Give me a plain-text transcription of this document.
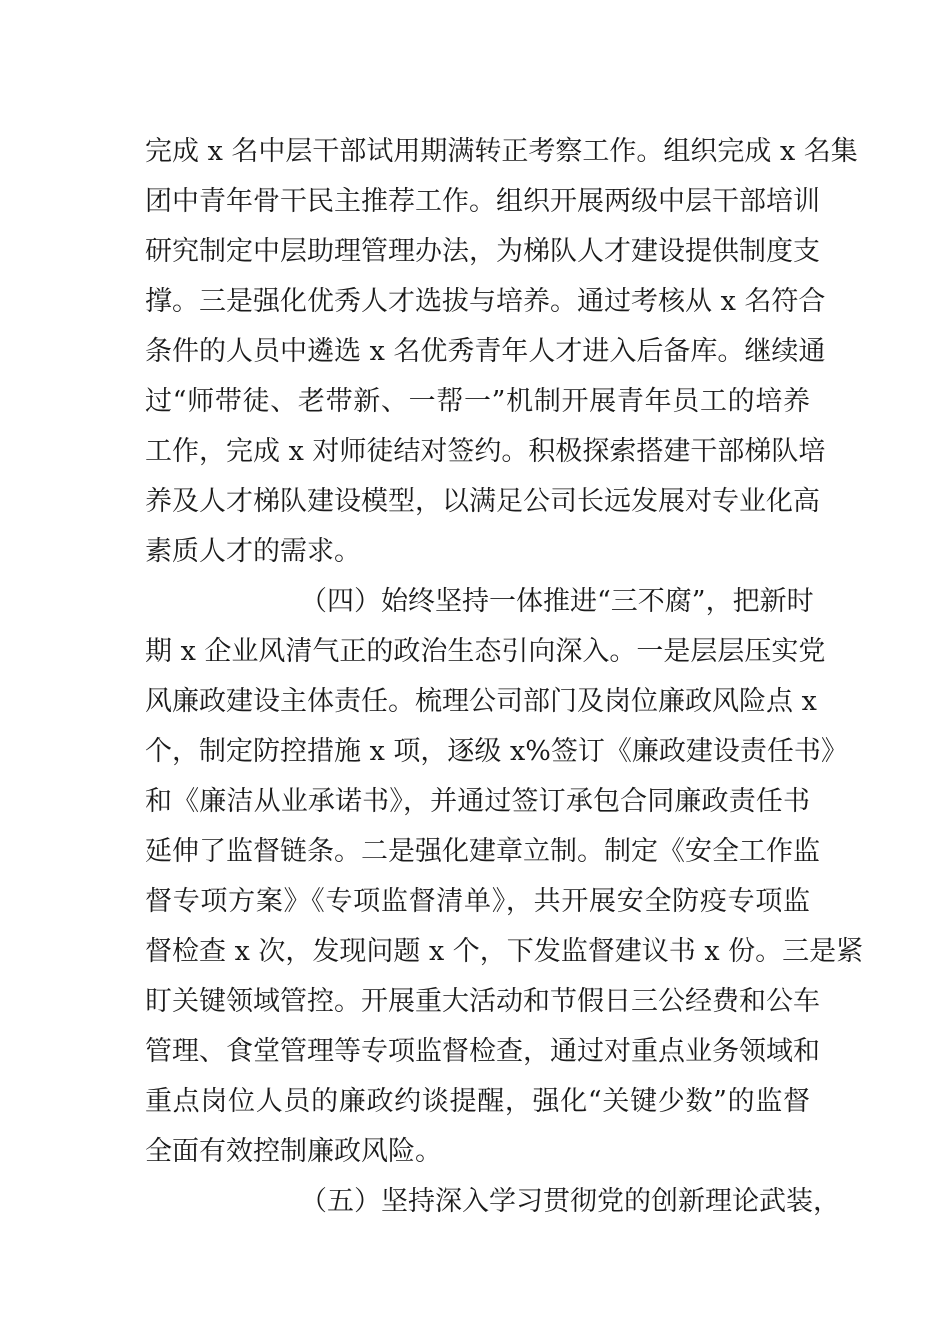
完成 x 名中层干部试用期满转正考察工作。组织完成 x 名集
团中青年骨干民主推荐工作。组织开展两级中层干部培训
研究制定中层助理管理办法，为梯队人才建设提供制度支
撑。三是强化优秀人才选拔与培养。通过考核从 x 名符合
条件的人员中遴选 x 名优秀青年人才进入后备库。继续通
过“师带徒、老带新、一帮一”机制开展青年员工的培养
工作，完成 x 对师徒结对签约。积极探索搭建干部梯队培
养及人才梯队建设模型，以满足公司长远发展对专业化高
素质人才的需求。
（四）始终坚持一体推进“三不腐”，把新时
期 x 企业风清气正的政治生态引向深入。一是层层压实党
风廉政建设主体责任。梳理公司部门及岗位廉政风险点 x
个，制定防控措施 x 项，逐级 x%签订《廉政建设责任书》
和《廉洁从业承诺书》，并通过签订承包合同廉政责任书
延伸了监督链条。二是强化建章立制。制定《安全工作监
督专项方案》《专项监督清单》，共开展安全防疫专项监
督检查 x 次，发现问题 x 个，下发监督建议书 x 份。三是紧
盯关键领域管控。开展重大活动和节假日三公经费和公车
管理、食堂管理等专项监督检查，通过对重点业务领域和
重点岗位人员的廉政约谈提醒，强化“关键少数”的监督
全面有效控制廉政风险。
（五）坚持深入学习贯彻党的创新理论武装，
